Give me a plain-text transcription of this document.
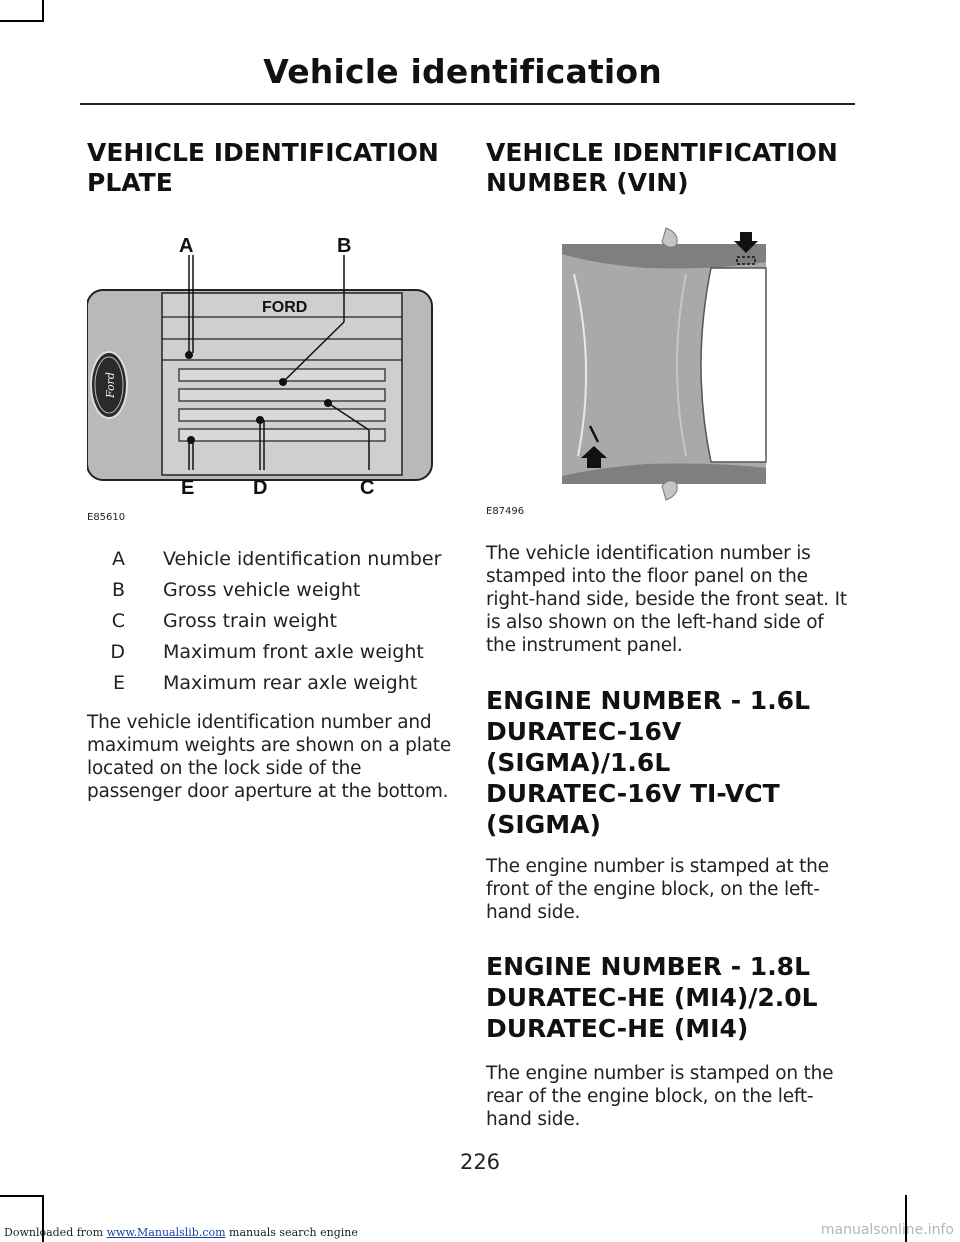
Vehicle identification
VEHICLE IDENTIFICATION PLATE
FORD
Ford
A	B
C
D
E
E85610
A	Vehicle identification number
B	Gross vehicle weight
C	Gross train weight
D	Maximum front axle weight
E	Maximum rear axle weight

The vehicle identification number and maximum weights are shown on a plate located on the lock side of the passenger door aperture at the bottom.

VEHICLE IDENTIFICATION NUMBER (VIN)
E87496

The vehicle identification number is stamped into the floor panel on the right-hand side, beside the front seat. It is also shown on the left-hand side of the instrument panel.

ENGINE NUMBER - 1.6L DURATEC-16V (SIGMA)/1.6L DURATEC-16V TI-VCT (SIGMA)

The engine number is stamped at the front of the engine block, on the left-hand side.

ENGINE NUMBER - 1.8L DURATEC-HE (MI4)/2.0L DURATEC-HE (MI4)

The engine number is stamped on the rear of the engine block, on the left-hand side.

226
Downloaded from www.Manualslib.com manuals search engine	manualsonline.info
